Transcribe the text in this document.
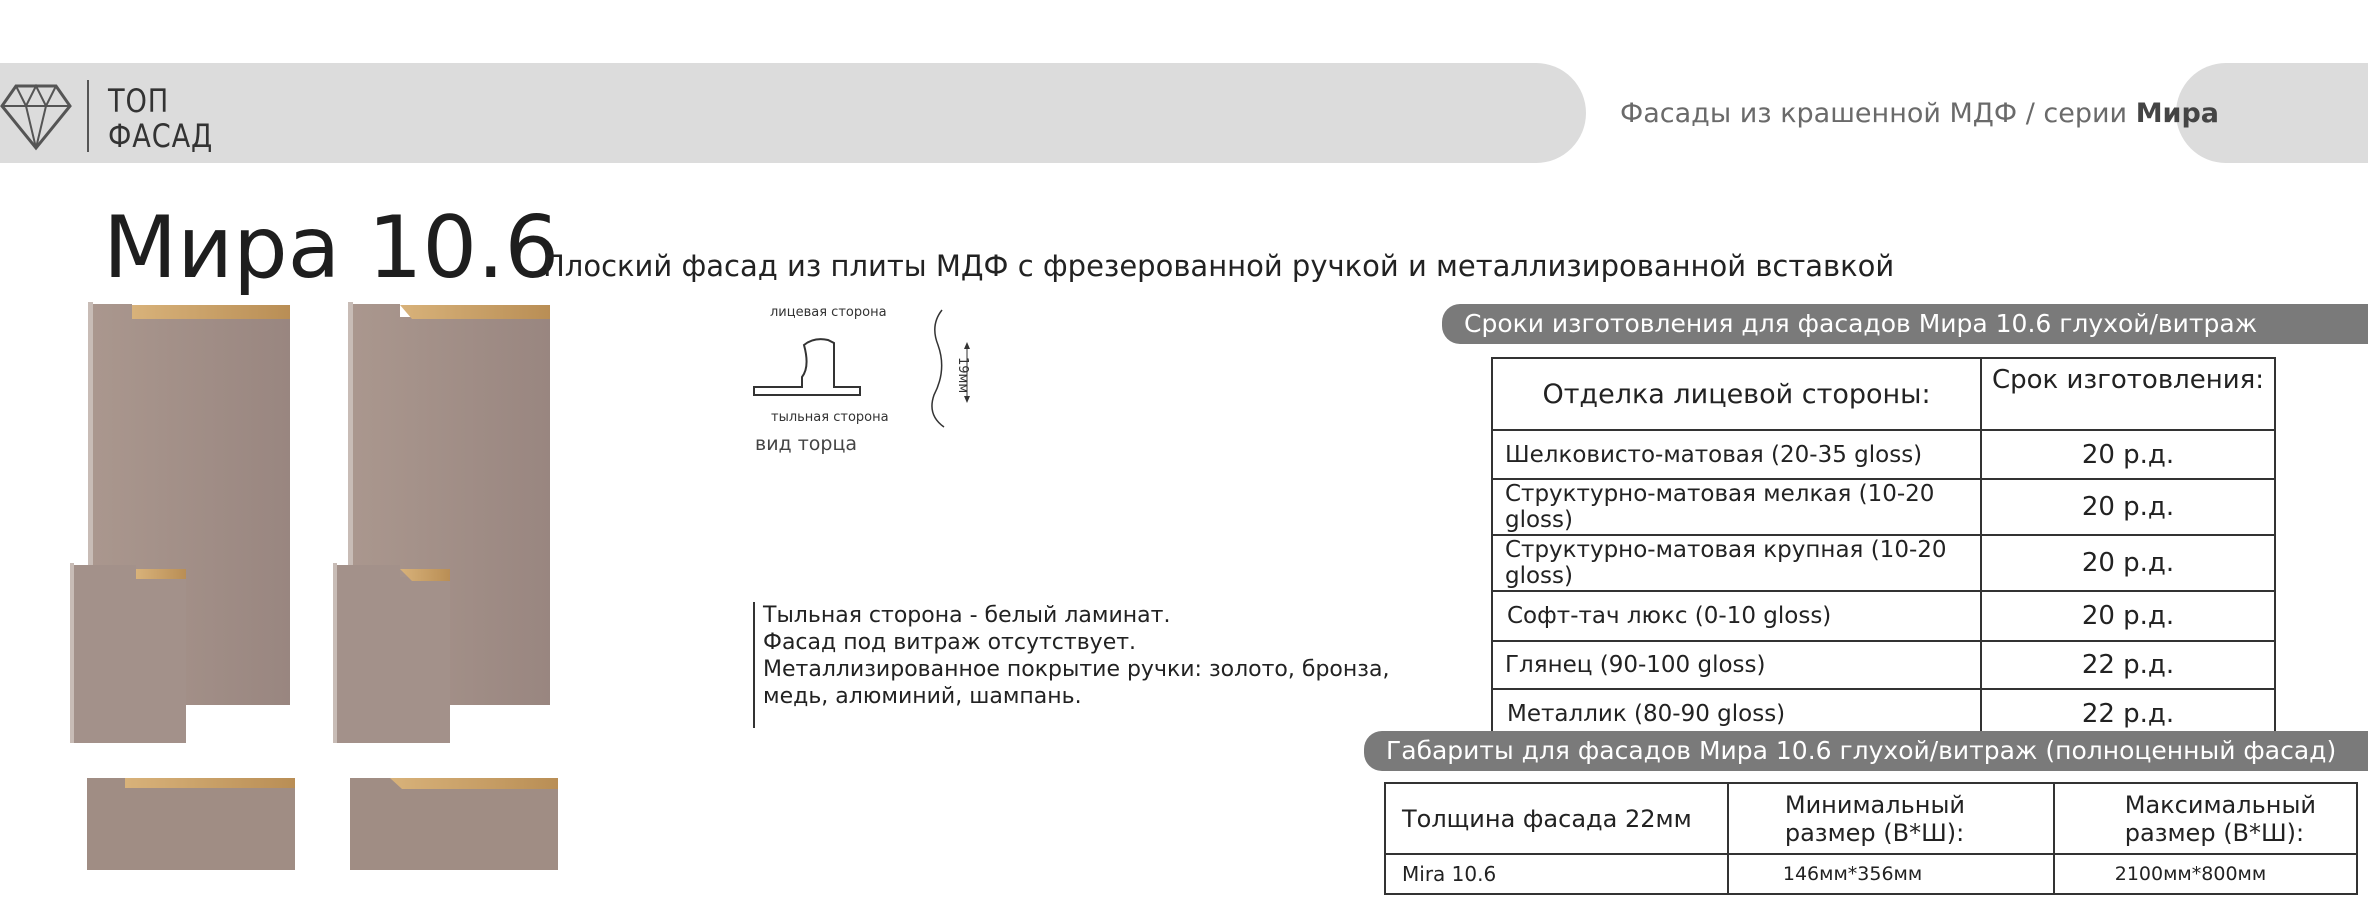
ТОП
ФАСАД
Фасады из крашенной МДФ / серии Мира
Мира 10.6
Плоский фасад из плиты МДФ с фрезерованной ручкой и металлизированной вставкой
лицевая сторона
19мм
тыльная сторона
вид торца
Тыльная сторона - белый ламинат.
Фасад под витраж отсутствует.
Металлизированное покрытие ручки: золото, бронза,
медь, алюминий, шампань.
Сроки изготовления для фасадов Мира 10.6 глухой/витраж
Отделка лицевой стороны:	Срок изготовления:
Шелковисто-матовая (20-35 gloss)	20 р.д.
Структурно-матовая мелкая (10-20 gloss)	20 р.д.
Структурно-матовая крупная (10-20 gloss)	20 р.д.
Софт-тач люкс (0-10 gloss)	20 р.д.
Глянец (90-100 gloss)	22 р.д.
Металлик (80-90 gloss)	22 р.д.
Габариты для фасадов Мира 10.6 глухой/витраж (полноценный фасад)
Толщина фасада 22мм	Минимальный размер (В*Ш):	Максимальный размер (В*Ш):
Mira 10.6	146мм*356мм	2100мм*800мм
